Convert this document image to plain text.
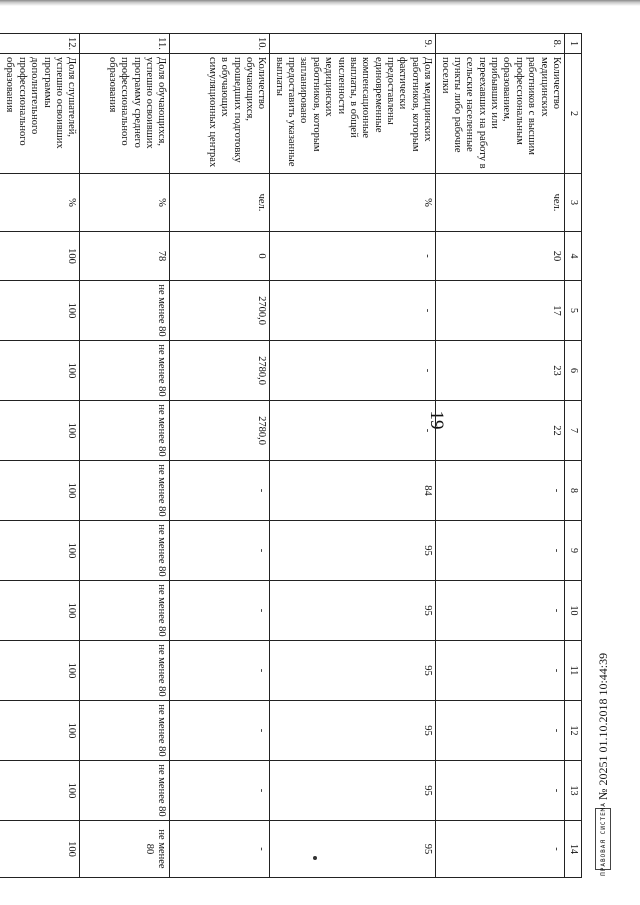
19
1	2	3	4	5	6	7	8	9	10	11	12	13	14
8.	Количество медицинских работников с высшим профессиональным образованием, прибывших или переехавших на работу в сельские населенные пункты либо рабочие поселки	чел.	20	17	23	22	-	-	-	-	-	-	-
9.	Доля медицинских работников, которым фактически предоставлены единовременные компенсационные выплаты, в общей численности медицинских работников, которым запланировано предоставить указанные выплаты	%	-	-	-	-	84	95	95	95	95	95	95
10.	Количество обучающихся, прошедших подготовку в обучающих симуляционных центрах	чел.	0	2700,0	2780,0	2780,0	-	-	-	-	-	-	-
11.	Доля обучающихся, успешно освоивших программу среднего профессионального образования	%	78	не менее 80	не менее 80	не менее 80	не менее 80	не менее 80	не менее 80	не менее 80	не менее 80	не менее 80	не менее 80
12.	Доля слушателей, успешно освоивших программы дополнительного профессионального образования	%	100	100	100	100	100	100	100	100	100	100	100	ПРАВОВАЯ СИСТЕМА
№ 20251 01.10.2018 10:44:39
